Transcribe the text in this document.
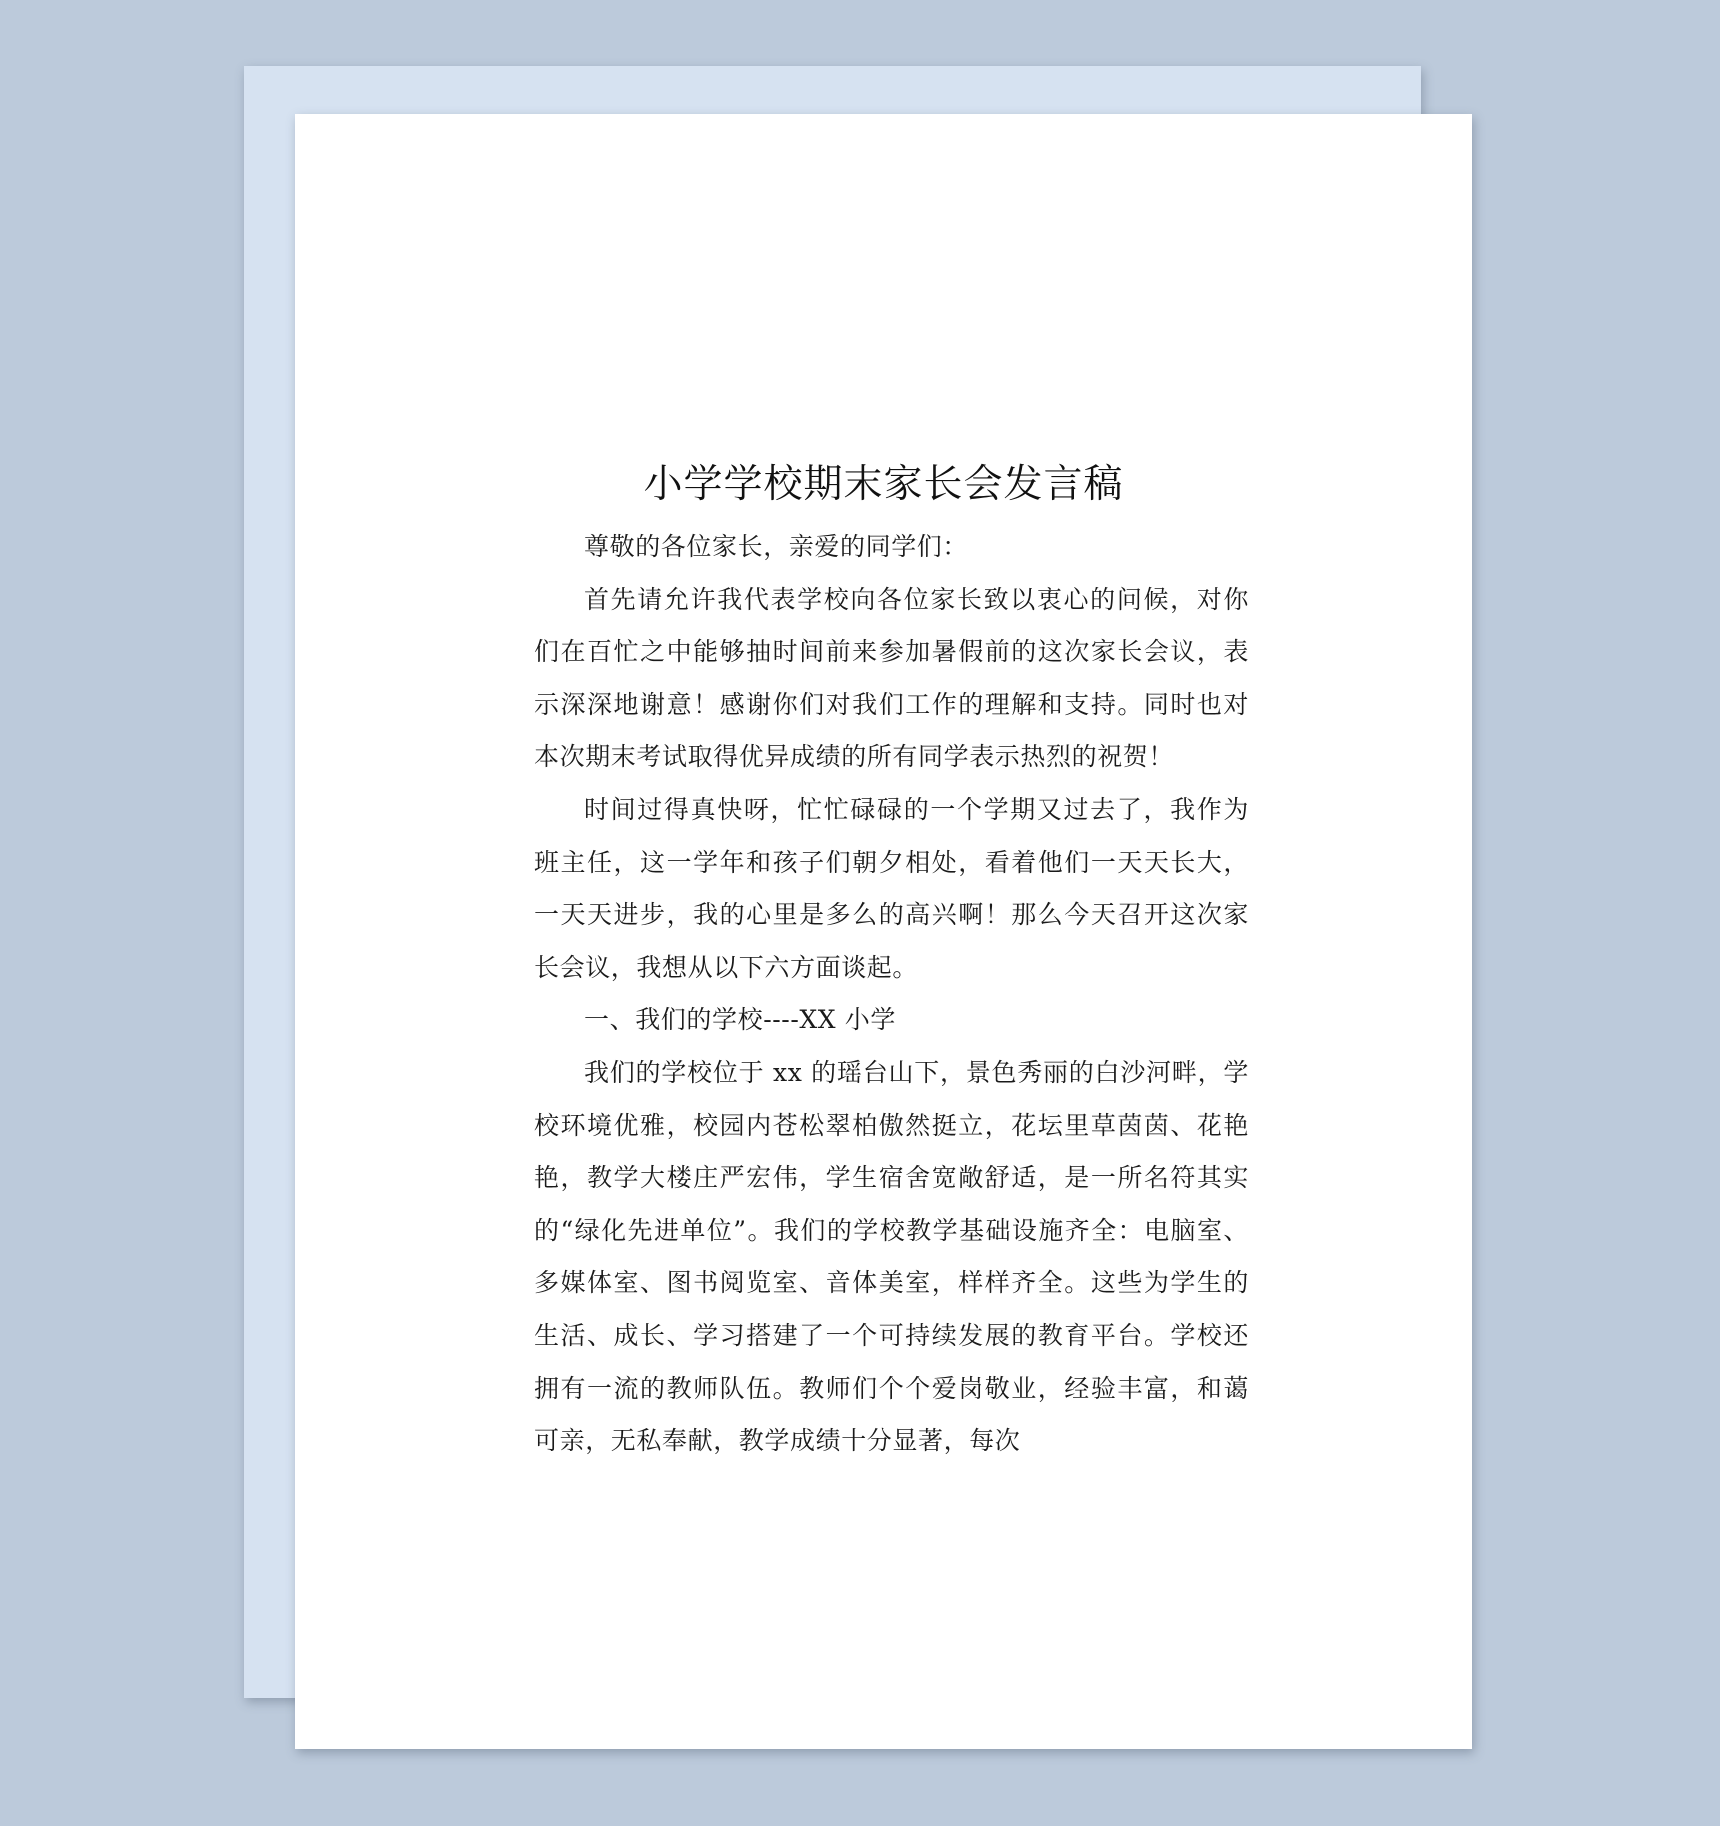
小学学校期末家长会发言稿

尊敬的各位家长，亲爱的同学们：

首先请允许我代表学校向各位家长致以衷心的问候，对你们在百忙之中能够抽时间前来参加暑假前的这次家长会议，表示深深地谢意！感谢你们对我们工作的理解和支持。同时也对本次期末考试取得优异成绩的所有同学表示热烈的祝贺！

时间过得真快呀，忙忙碌碌的一个学期又过去了，我作为班主任，这一学年和孩子们朝夕相处，看着他们一天天长大，一天天进步，我的心里是多么的高兴啊！那么今天召开这次家长会议，我想从以下六方面谈起。

一、我们的学校----XX 小学

我们的学校位于 xx 的瑶台山下，景色秀丽的白沙河畔，学校环境优雅，校园内苍松翠柏傲然挺立，花坛里草茵茵、花艳艳，教学大楼庄严宏伟，学生宿舍宽敞舒适，是一所名符其实的“绿化先进单位”。我们的学校教学基础设施齐全：电脑室、多媒体室、图书阅览室、音体美室，样样齐全。这些为学生的生活、成长、学习搭建了一个可持续发展的教育平台。学校还拥有一流的教师队伍。教师们个个爱岗敬业，经验丰富，和蔼可亲，无私奉献，教学成绩十分显著，每次
